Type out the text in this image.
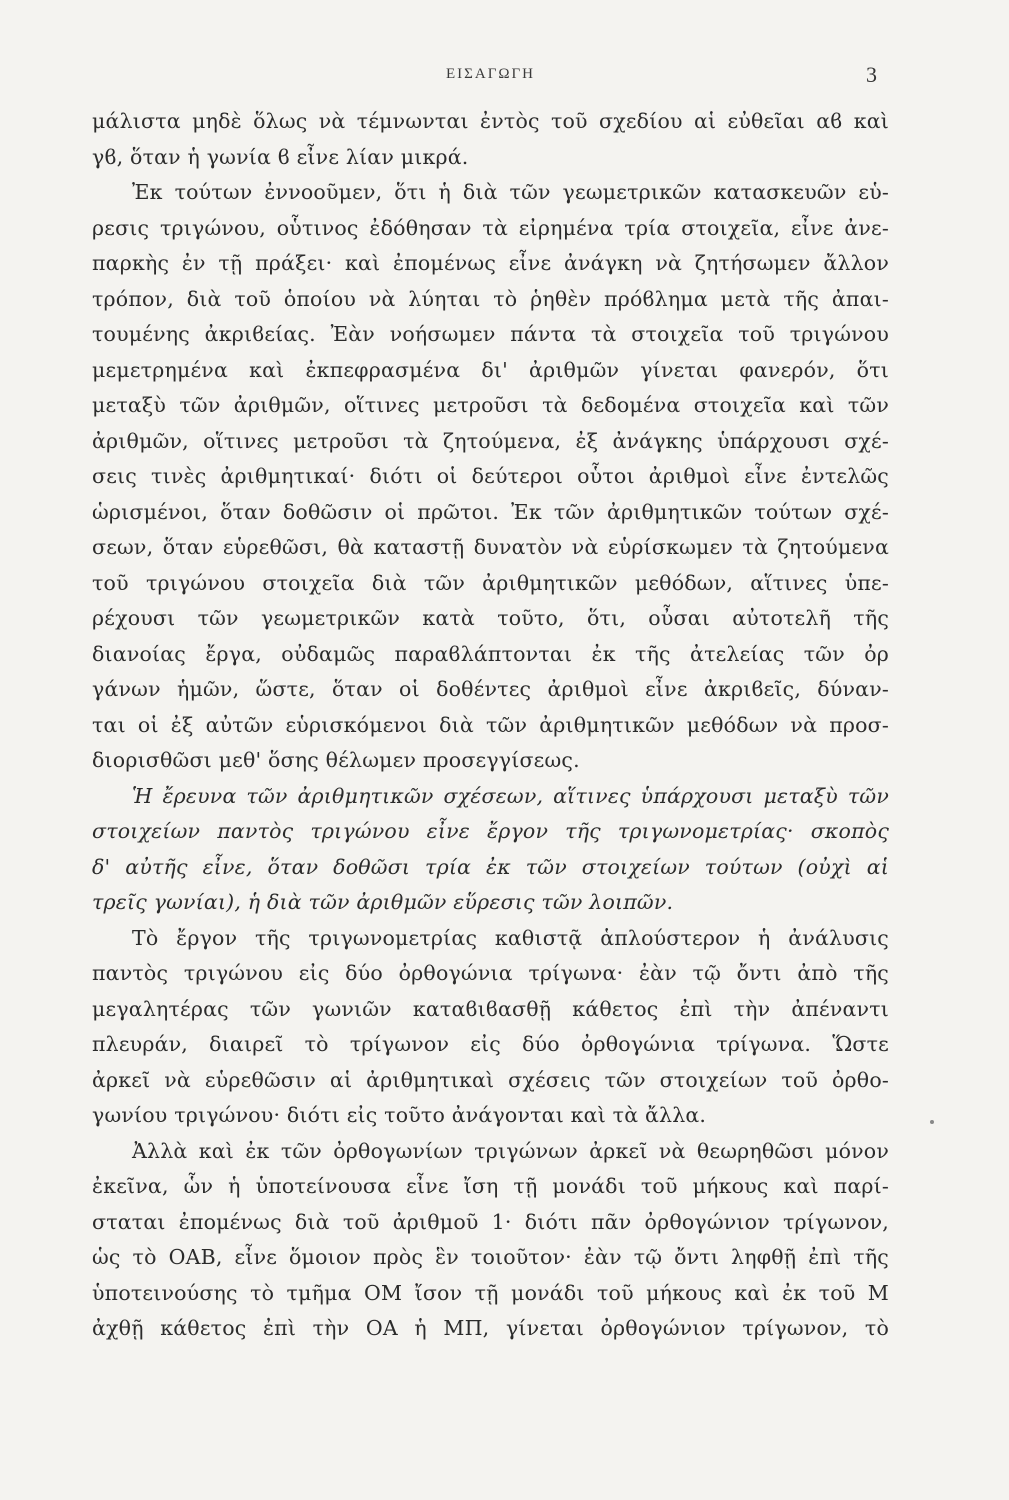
ΕΙΣΑΓΩΓΗ	3
μάλιστα μηδὲ ὅλως νὰ τέμνωνται ἐντὸς τοῦ σχεδίου αἱ εὐθεῖαι αϐ καὶ
γϐ, ὅταν ἡ γωνία ϐ εἶνε λίαν μικρά.
Ἐκ τούτων ἐννοοῦμεν, ὅτι ἡ διὰ τῶν γεωμετρικῶν κατασκευῶν εὑ-
ρεσις τριγώνου, οὗτινος ἐδόθησαν τὰ εἰρημένα τρία στοιχεῖα, εἶνε ἀνε-
παρκὴς ἐν τῇ πράξει· καὶ ἐπομένως εἶνε ἀνάγκη νὰ ζητήσωμεν ἄλλον
τρόπον, διὰ τοῦ ὁποίου νὰ λύηται τὸ ῥηθὲν πρόϐλημα μετὰ τῆς ἀπαι-
τουμένης ἀκριϐείας. Ἐὰν νοήσωμεν πάντα τὰ στοιχεῖα τοῦ τριγώνου
μεμετρημένα καὶ ἐκπεφρασμένα δι' ἀριθμῶν γίνεται φανερόν, ὅτι
μεταξὺ τῶν ἀριθμῶν, οἵτινες μετροῦσι τὰ δεδομένα στοιχεῖα καὶ τῶν
ἀριθμῶν, οἵτινες μετροῦσι τὰ ζητούμενα, ἐξ ἀνάγκης ὑπάρχουσι σχέ-
σεις τινὲς ἀριθμητικαί· διότι οἱ δεύτεροι οὗτοι ἀριθμοὶ εἶνε ἐντελῶς
ὡρισμένοι, ὅταν δοθῶσιν οἱ πρῶτοι. Ἐκ τῶν ἀριθμητικῶν τούτων σχέ-
σεων, ὅταν εὑρεθῶσι, θὰ καταστῇ δυνατὸν νὰ εὑρίσκωμεν τὰ ζητούμενα
τοῦ τριγώνου στοιχεῖα διὰ τῶν ἀριθμητικῶν μεθόδων, αἵτινες ὑπε-
ρέχουσι τῶν γεωμετρικῶν κατὰ τοῦτο, ὅτι, οὖσαι αὐτοτελῆ τῆς
διανοίας ἔργα, οὐδαμῶς παραϐλάπτονται ἐκ τῆς ἀτελείας τῶν ὀρ
γάνων ἡμῶν, ὥστε, ὅταν οἱ δοθέντες ἀριθμοὶ εἶνε ἀκριϐεῖς, δύναν-
ται οἱ ἐξ αὐτῶν εὑρισκόμενοι διὰ τῶν ἀριθμητικῶν μεθόδων νὰ προσ-
διορισθῶσι μεθ' ὅσης θέλωμεν προσεγγίσεως.
Ἡ ἔρευνα τῶν ἀριθμητικῶν σχέσεων, αἵτινες ὑπάρχουσι μεταξὺ τῶν
στοιχείων παντὸς τριγώνου εἶνε ἔργον τῆς τριγωνομετρίας· σκοπὸς
δ' αὐτῆς εἶνε, ὅταν δοθῶσι τρία ἐκ τῶν στοιχείων τούτων (οὐχὶ αἱ
τρεῖς γωνίαι), ἡ διὰ τῶν ἀριθμῶν εὕρεσις τῶν λοιπῶν.
Τὸ ἔργον τῆς τριγωνομετρίας καθιστᾷ ἁπλούστερον ἡ ἀνάλυσις
παντὸς τριγώνου εἰς δύο ὀρθογώνια τρίγωνα· ἐὰν τῷ ὄντι ἀπὸ τῆς
μεγαλητέρας τῶν γωνιῶν καταϐιϐασθῇ κάθετος ἐπὶ τὴν ἀπέναντι
πλευράν, διαιρεῖ τὸ τρίγωνον εἰς δύο ὀρθογώνια τρίγωνα. Ὥστε
ἀρκεῖ νὰ εὑρεθῶσιν αἱ ἀριθμητικαὶ σχέσεις τῶν στοιχείων τοῦ ὀρθο-
γωνίου τριγώνου· διότι εἰς τοῦτο ἀνάγονται καὶ τὰ ἄλλα.
Ἀλλὰ καὶ ἐκ τῶν ὀρθογωνίων τριγώνων ἀρκεῖ νὰ θεωρηθῶσι μόνον
ἐκεῖνα, ὧν ἡ ὑποτείνουσα εἶνε ἴση τῇ μονάδι τοῦ μήκους καὶ παρί-
σταται ἐπομένως διὰ τοῦ ἀριθμοῦ 1· διότι πᾶν ὀρθογώνιον τρίγωνον,
ὡς τὸ ΟΑΒ, εἶνε ὅμοιον πρὸς ἓν τοιοῦτον· ἐὰν τῷ ὄντι ληφθῇ ἐπὶ τῆς
ὑποτεινούσης τὸ τμῆμα ΟΜ ἴσον τῇ μονάδι τοῦ μήκους καὶ ἐκ τοῦ Μ
ἀχθῇ κάθετος ἐπὶ τὴν ΟΑ ἡ ΜΠ, γίνεται ὀρθογώνιον τρίγωνον, τὸ
